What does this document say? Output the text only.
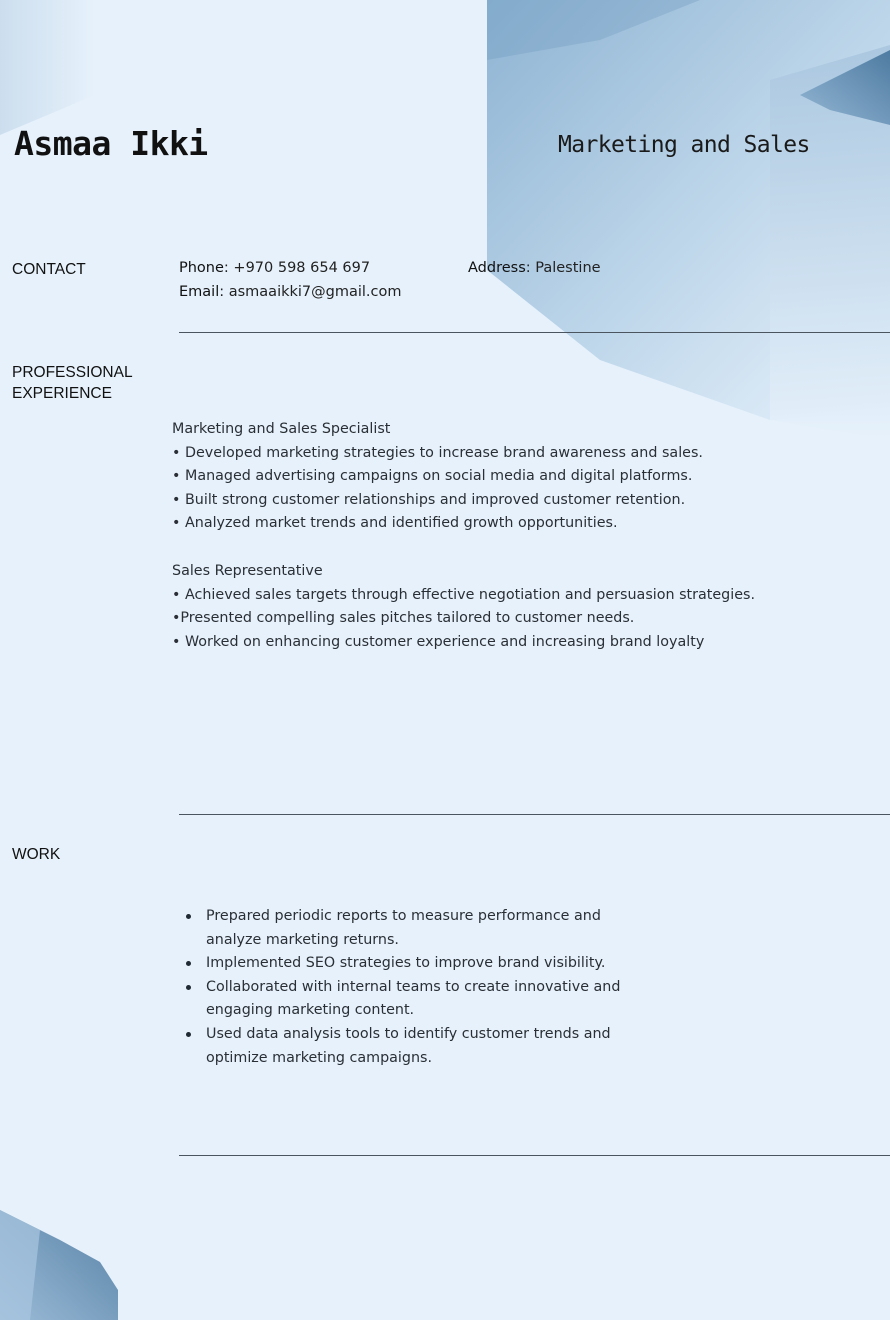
Asmaa Ikki	Marketing and Sales
CONTACT	Phone: +970 598 654 697	Address: Palestine
Email: asmaaikki7@gmail.com
PROFESSIONAL
EXPERIENCE

Marketing and Sales Specialist

• Developed marketing strategies to increase brand awareness and sales.

• Managed advertising campaigns on social media and digital platforms.

• Built strong customer relationships and improved customer retention.

• Analyzed market trends and identified growth opportunities.

Sales Representative

• Achieved sales targets through effective negotiation and persuasion strategies.

•Presented compelling sales pitches tailored to customer needs.

• Worked on enhancing customer experience and increasing brand loyalty

WORK
Prepared periodic reports to measure performance and analyze marketing returns.
Implemented SEO strategies to improve brand visibility.
Collaborated with internal teams to create innovative and engaging marketing content.
Used data analysis tools to identify customer trends and optimize marketing campaigns.
